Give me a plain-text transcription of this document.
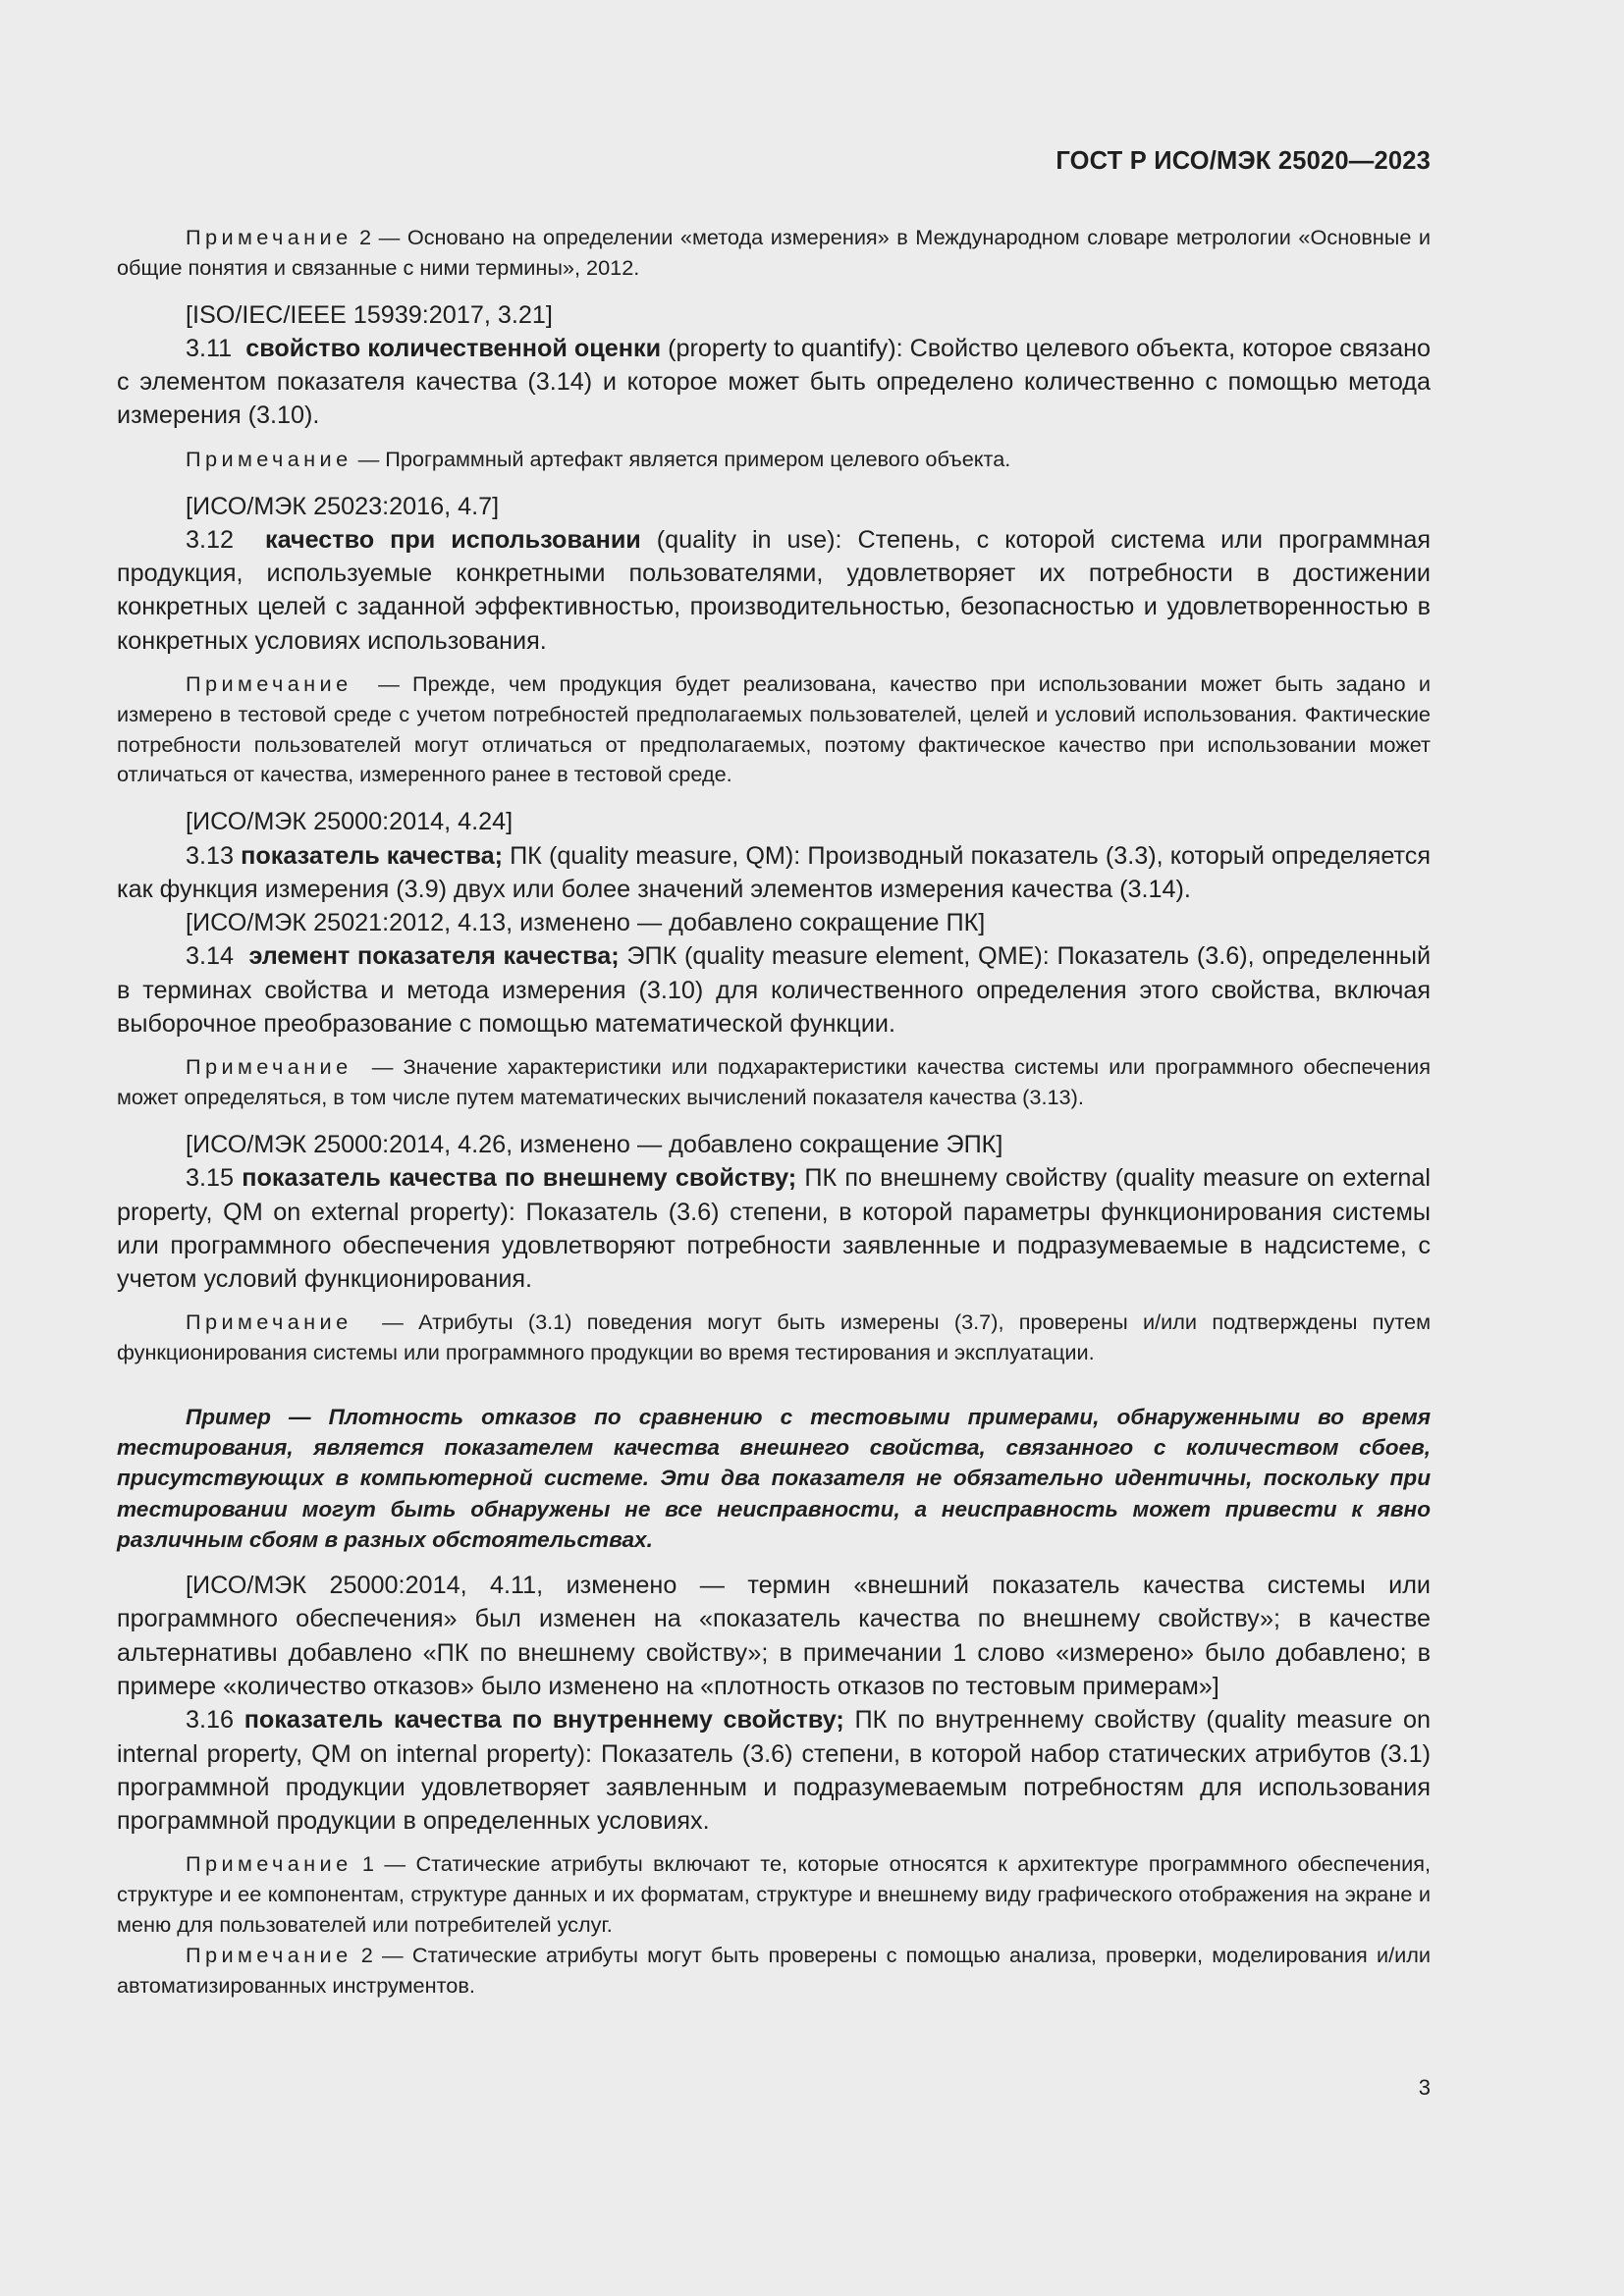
ГОСТ Р ИСО/МЭК 25020—2023

Примечание 2 — Основано на определении «метода измерения» в Международном словаре метрологии «Основные и общие понятия и связанные с ними термины», 2012.

[ISO/IEC/IEEE 15939:2017, 3.21]

3.11 свойство количественной оценки (property to quantify): Свойство целевого объекта, которое связано с элементом показателя качества (3.14) и которое может быть определено количественно с помощью метода измерения (3.10).

Примечание — Программный артефакт является примером целевого объекта.

[ИСО/МЭК 25023:2016, 4.7]

3.12 качество при использовании (quality in use): Степень, с которой система или программная продукция, используемые конкретными пользователями, удовлетворяет их потребности в достижении конкретных целей с заданной эффективностью, производительностью, безопасностью и удовлетворенностью в конкретных условиях использования.

Примечание — Прежде, чем продукция будет реализована, качество при использовании может быть задано и измерено в тестовой среде с учетом потребностей предполагаемых пользователей, целей и условий использования. Фактические потребности пользователей могут отличаться от предполагаемых, поэтому фактическое качество при использовании может отличаться от качества, измеренного ранее в тестовой среде.

[ИСО/МЭК 25000:2014, 4.24]

3.13 показатель качества; ПК (quality measure, QM): Производный показатель (3.3), который определяется как функция измерения (3.9) двух или более значений элементов измерения качества (3.14).

[ИСО/МЭК 25021:2012, 4.13, изменено — добавлено сокращение ПК]

3.14 элемент показателя качества; ЭПК (quality measure element, QME): Показатель (3.6), определенный в терминах свойства и метода измерения (3.10) для количественного определения этого свойства, включая выборочное преобразование с помощью математической функции.

Примечание — Значение характеристики или подхарактеристики качества системы или программного обеспечения может определяться, в том числе путем математических вычислений показателя качества (3.13).

[ИСО/МЭК 25000:2014, 4.26, изменено — добавлено сокращение ЭПК]

3.15 показатель качества по внешнему свойству; ПК по внешнему свойству (quality measure on external property, QM on external property): Показатель (3.6) степени, в которой параметры функционирования системы или программного обеспечения удовлетворяют потребности заявленные и подразумеваемые в надсистеме, с учетом условий функционирования.

Примечание — Атрибуты (3.1) поведения могут быть измерены (3.7), проверены и/или подтверждены путем функционирования системы или программного продукции во время тестирования и эксплуатации.

Пример — Плотность отказов по сравнению с тестовыми примерами, обнаруженными во время тестирования, является показателем качества внешнего свойства, связанного с количеством сбоев, присутствующих в компьютерной системе. Эти два показателя не обязательно идентичны, поскольку при тестировании могут быть обнаружены не все неисправности, а неисправность может привести к явно различным сбоям в разных обстоятельствах.

[ИСО/МЭК 25000:2014, 4.11, изменено — термин «внешний показатель качества системы или программного обеспечения» был изменен на «показатель качества по внешнему свойству»; в качестве альтернативы добавлено «ПК по внешнему свойству»; в примечании 1 слово «измерено» было добавлено; в примере «количество отказов» было изменено на «плотность отказов по тестовым примерам»]

3.16 показатель качества по внутреннему свойству; ПК по внутреннему свойству (quality measure on internal property, QM on internal property): Показатель (3.6) степени, в которой набор статических атрибутов (3.1) программной продукции удовлетворяет заявленным и подразумеваемым потребностям для использования программной продукции в определенных условиях.

Примечание 1 — Статические атрибуты включают те, которые относятся к архитектуре программного обеспечения, структуре и ее компонентам, структуре данных и их форматам, структуре и внешнему виду графического отображения на экране и меню для пользователей или потребителей услуг.

Примечание 2 — Статические атрибуты могут быть проверены с помощью анализа, проверки, моделирования и/или автоматизированных инструментов.

3
